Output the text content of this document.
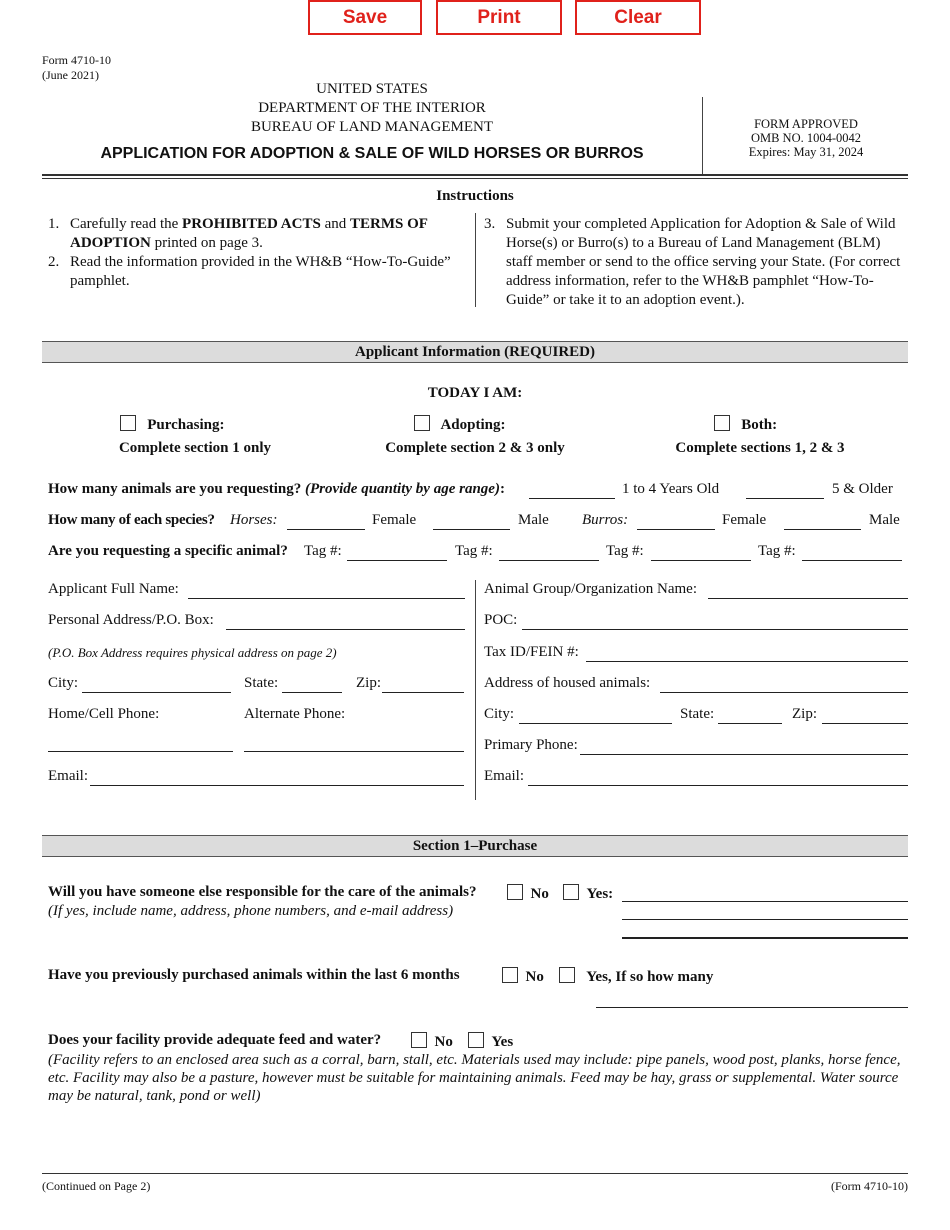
Save	Print	Clear
Form 4710-10
(June 2021)
UNITED STATES
DEPARTMENT OF THE INTERIOR
BUREAU OF LAND MANAGEMENT
APPLICATION FOR ADOPTION & SALE OF WILD HORSES OR BURROS
FORM APPROVED
OMB NO. 1004-0042
Expires: May 31, 2024
Instructions
1. Carefully read the PROHIBITED ACTS and TERMS OF ADOPTION printed on page 3.
2. Read the information provided in the WH&B “How-To-Guide” pamphlet.
3. Submit your completed Application for Adoption & Sale of Wild Horse(s) or Burro(s) to a Bureau of Land Management (BLM) staff member or send to the office serving your State. (For correct address information, refer to the WH&B pamphlet “How-To-Guide” or take it to an adoption event.).
Applicant Information (REQUIRED)
TODAY I AM:
Purchasing:
Complete section 1 only
Adopting:
Complete section 2 & 3 only
Both:
Complete sections 1, 2 & 3
How many animals are you requesting? (Provide quantity by age range):	1 to 4 Years Old	5 & Older
How many of each species? Horses:	Female	Male Burros:	Female	Male
Are you requesting a specific animal? Tag #:	Tag #:	Tag #:	Tag #:
Applicant Full Name:
Personal Address/P.O. Box:
(P.O. Box Address requires physical address on page 2)
City:	State:	Zip:
Home/Cell Phone:	Alternate Phone:
Email:
Animal Group/Organization Name:
POC:
Tax ID/FEIN #:
Address of housed animals:
City:	State:	Zip:
Primary Phone:
Email:
Section 1–Purchase
Will you have someone else responsible for the care of the animals?
(If yes, include name, address, phone numbers, and e-mail address)
No	Yes:
Have you previously purchased animals within the last 6 months	No	Yes, If so how many
Does your facility provide adequate feed and water?	No	Yes
(Facility refers to an enclosed area such as a corral, barn, stall, etc. Materials used may include: pipe panels, wood post, planks, horse fence, etc. Facility may also be a pasture, however must be suitable for maintaining animals. Feed may be hay, grass or supplemental. Water source may be natural, tank, pond or well)
(Continued on Page 2)	(Form 4710-10)
